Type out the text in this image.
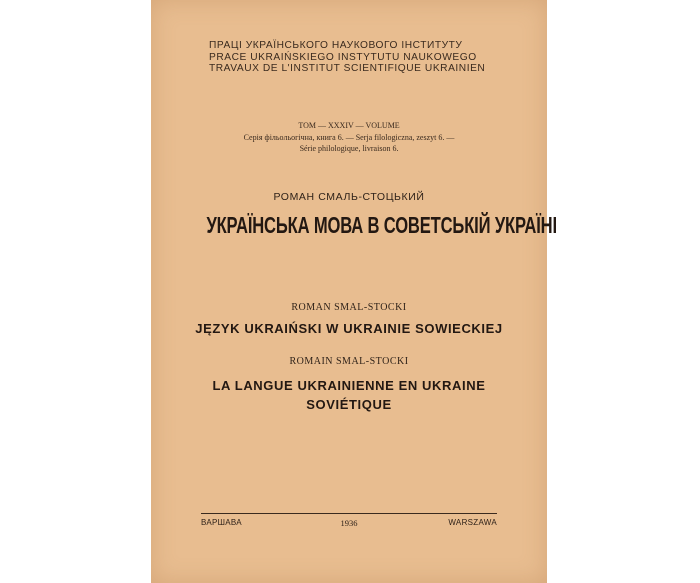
ПРАЦІ УКРАЇНСЬКОГО НАУКОВОГО ІНСТИТУТУ
PRACE UKRAIŃSKIEGO INSTYTUTU NAUKOWEGO
TRAVAUX DE L'INSTITUT SCIENTIFIQUE UKRAINIEN
ТОМ — XXXIV — VOLUME
Серія фільольогічна, книга 6. — Serja filologiczna, zeszyt 6. —
Série philologique, livraison 6.
РОМАН СМАЛЬ-СТОЦЬКИЙ
УКРАЇНСЬКА МОВА В СОВЕТСЬКІЙ УКРАЇНІ
ROMAN SMAL-STOCKI
JĘZYK UKRAIŃSKI W UKRAINIE SOWIECKIEJ
ROMAIN SMAL-STOCKI
LA LANGUE UKRAINIENNE EN UKRAINE
SOVIÉTIQUE
ВАРШАВА	1936	WARSZAWA
